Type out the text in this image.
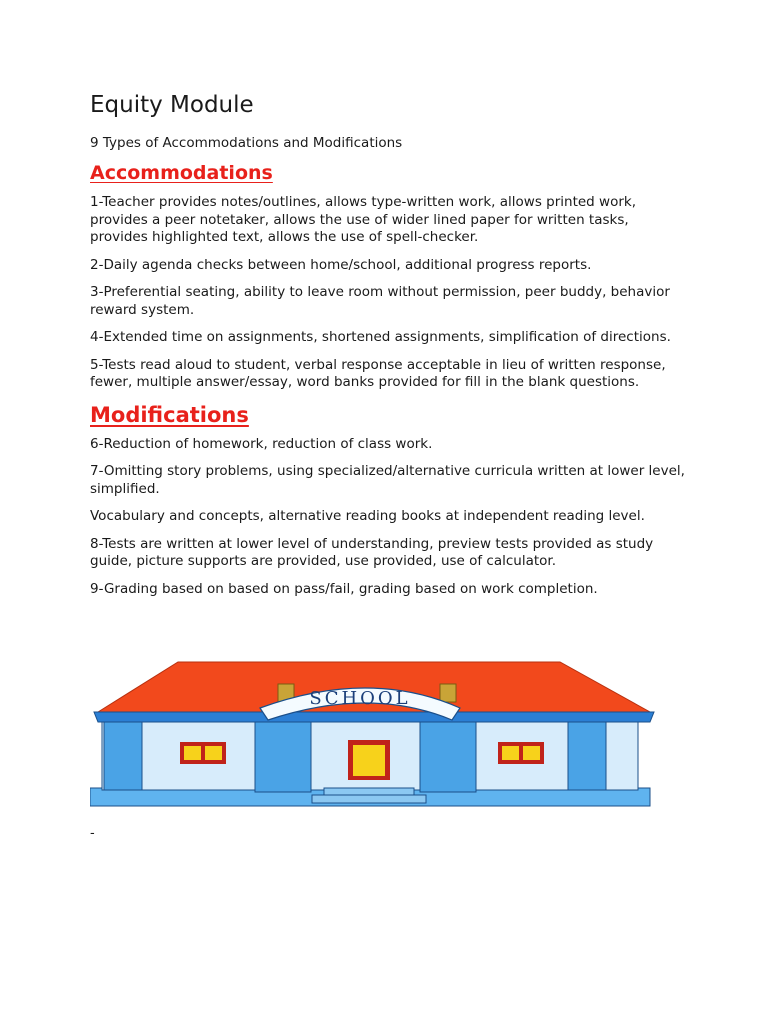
Equity Module

9 Types of Accommodations and Modifications

Accommodations

1-Teacher provides notes/outlines, allows type-written work, allows printed work, provides a peer notetaker, allows the use of wider lined paper for written tasks, provides highlighted text, allows the use of spell-checker.

2-Daily agenda checks between home/school, additional progress reports.

3-Preferential seating, ability to leave room without permission, peer buddy, behavior reward system.

4-Extended time on assignments, shortened assignments, simplification of directions.

5-Tests read aloud to student, verbal response acceptable in lieu of written response, fewer, multiple answer/essay, word banks provided for fill in the blank questions.

Modifications

6-Reduction of homework, reduction of class work.

7-Omitting story problems, using specialized/alternative curricula written at lower level, simplified.

Vocabulary and concepts, alternative reading books at independent reading level.

8-Tests are written at lower level of understanding, preview tests provided as study guide, picture supports are provided, use provided, use of calculator.

9-Grading based on based on pass/fail, grading based on work completion.

SCHOOL
-
